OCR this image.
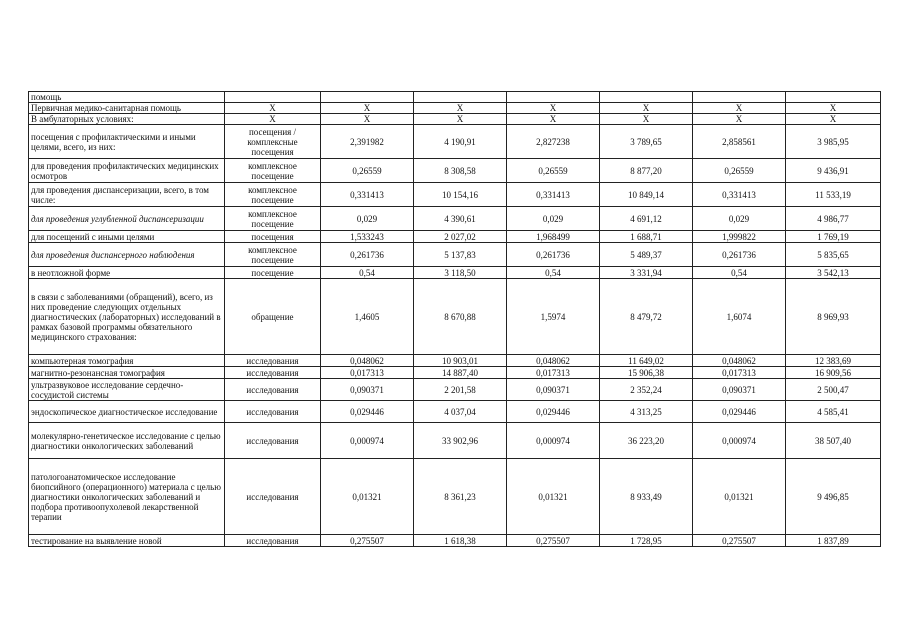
помощь							
Первичная медико-санитарная помощь	X	X	X	X	X	X	X
В амбулаторных условиях:	X	X	X	X	X	X	X
посещения с профилактическими и иными целями, всего, из них:	посещения / комплексные посещения	2,391982	4 190,91	2,827238	3 789,65	2,858561	3 985,95
для проведения профилактических медицинских осмотров	комплексное посещение	0,26559	8 308,58	0,26559	8 877,20	0,26559	9 436,91
для проведения диспансеризации, всего, в том числе:	комплексное посещение	0,331413	10 154,16	0,331413	10 849,14	0,331413	11 533,19
для проведения углубленной диспансеризации	комплексное посещение	0,029	4 390,61	0,029	4 691,12	0,029	4 986,77
для посещений с иными целями	посещения	1,533243	2 027,02	1,968499	1 688,71	1,999822	1 769,19
для проведения диспансерного наблюдения	комплексное посещение	0,261736	5 137,83	0,261736	5 489,37	0,261736	5 835,65
в неотложной форме	посещение	0,54	3 118,50	0,54	3 331,94	0,54	3 542,13
в связи с заболеваниями (обращений), всего, из них проведение следующих отдельных диагностических (лабораторных) исследований в рамках базовой программы обязательного медицинского страхования:	обращение	1,4605	8 670,88	1,5974	8 479,72	1,6074	8 969,93
компьютерная томография	исследования	0,048062	10 903,01	0,048062	11 649,02	0,048062	12 383,69
магнитно-резонансная томография	исследования	0,017313	14 887,40	0,017313	15 906,38	0,017313	16 909,56
ультразвуковое исследование сердечно-сосудистой системы	исследования	0,090371	2 201,58	0,090371	2 352,24	0,090371	2 500,47
эндоскопическое диагностическое исследование	исследования	0,029446	4 037,04	0,029446	4 313,25	0,029446	4 585,41
молекулярно-генетическое исследование с целью диагностики онкологических заболеваний	исследования	0,000974	33 902,96	0,000974	36 223,20	0,000974	38 507,40
патологоанатомическое исследование биопсийного (операционного) материала с целью диагностики онкологических заболеваний и подбора противоопухолевой лекарственной терапии	исследования	0,01321	8 361,23	0,01321	8 933,49	0,01321	9 496,85
тестирование на выявление новой	исследования	0,275507	1 618,38	0,275507	1 728,95	0,275507	1 837,89
